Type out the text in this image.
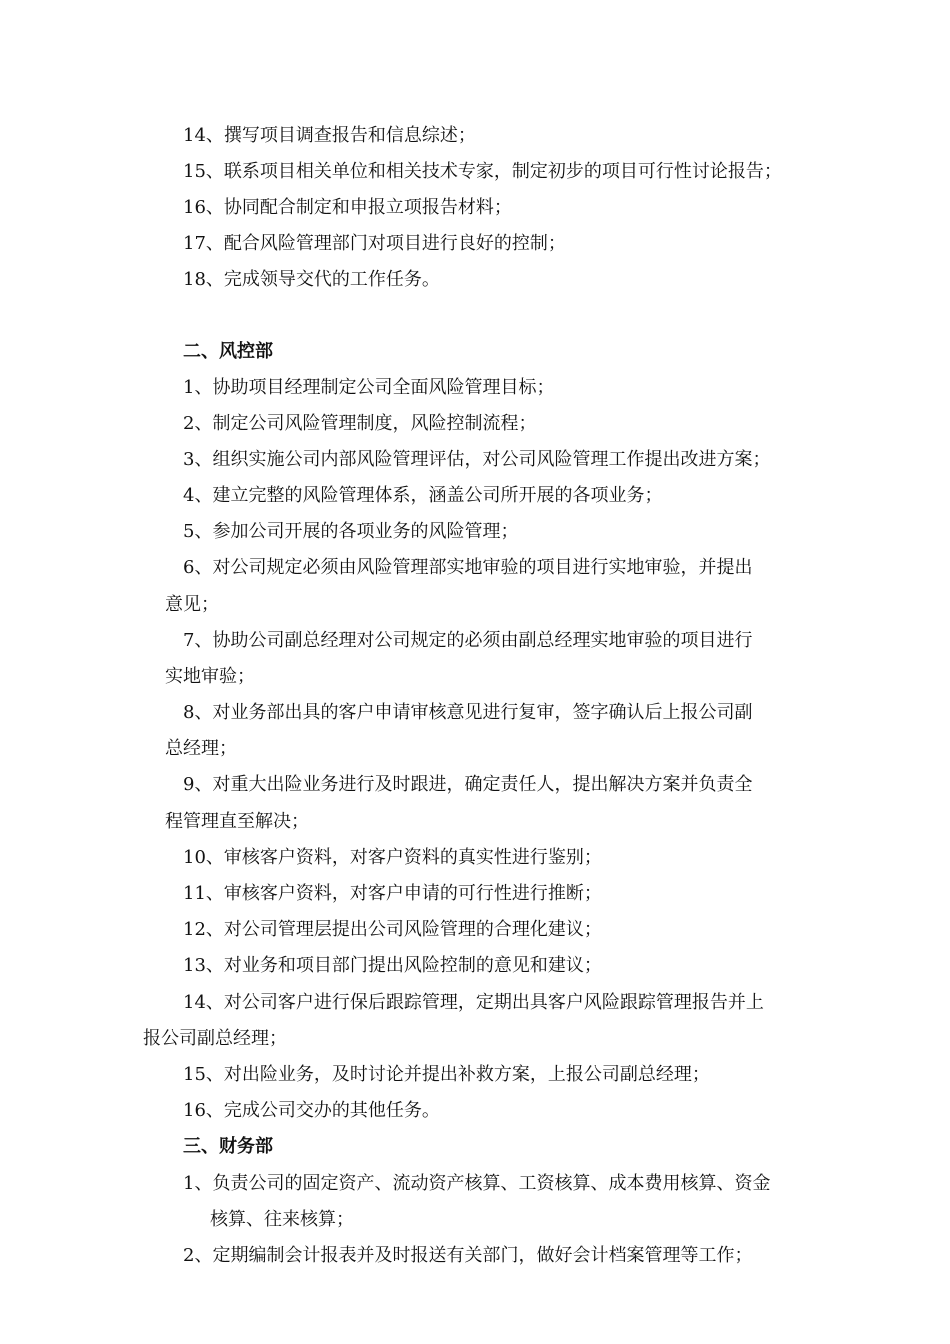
14、撰写项目调查报告和信息综述；
15、联系项目相关单位和相关技术专家，制定初步的项目可行性讨论报告；
16、协同配合制定和申报立项报告材料；
17、配合风险管理部门对项目进行良好的控制；
18、完成领导交代的工作任务。
二、风控部
1、协助项目经理制定公司全面风险管理目标；
2、制定公司风险管理制度，风险控制流程；
3、组织实施公司内部风险管理评估，对公司风险管理工作提出改进方案；
4、建立完整的风险管理体系，涵盖公司所开展的各项业务；
5、参加公司开展的各项业务的风险管理；
6、对公司规定必须由风险管理部实地审验的项目进行实地审验，并提出
意见；
7、协助公司副总经理对公司规定的必须由副总经理实地审验的项目进行
实地审验；
8、对业务部出具的客户申请审核意见进行复审，签字确认后上报公司副
总经理；
9、对重大出险业务进行及时跟进，确定责任人，提出解决方案并负责全
程管理直至解决；
10、审核客户资料，对客户资料的真实性进行鉴别；
11、审核客户资料，对客户申请的可行性进行推断；
12、对公司管理层提出公司风险管理的合理化建议；
13、对业务和项目部门提出风险控制的意见和建议；
14、对公司客户进行保后跟踪管理，定期出具客户风险跟踪管理报告并上
报公司副总经理；
15、对出险业务，及时讨论并提出补救方案，上报公司副总经理；
16、完成公司交办的其他任务。
三、财务部
1、负责公司的固定资产、流动资产核算、工资核算、成本费用核算、资金
核算、往来核算；
2、定期编制会计报表并及时报送有关部门，做好会计档案管理等工作；
